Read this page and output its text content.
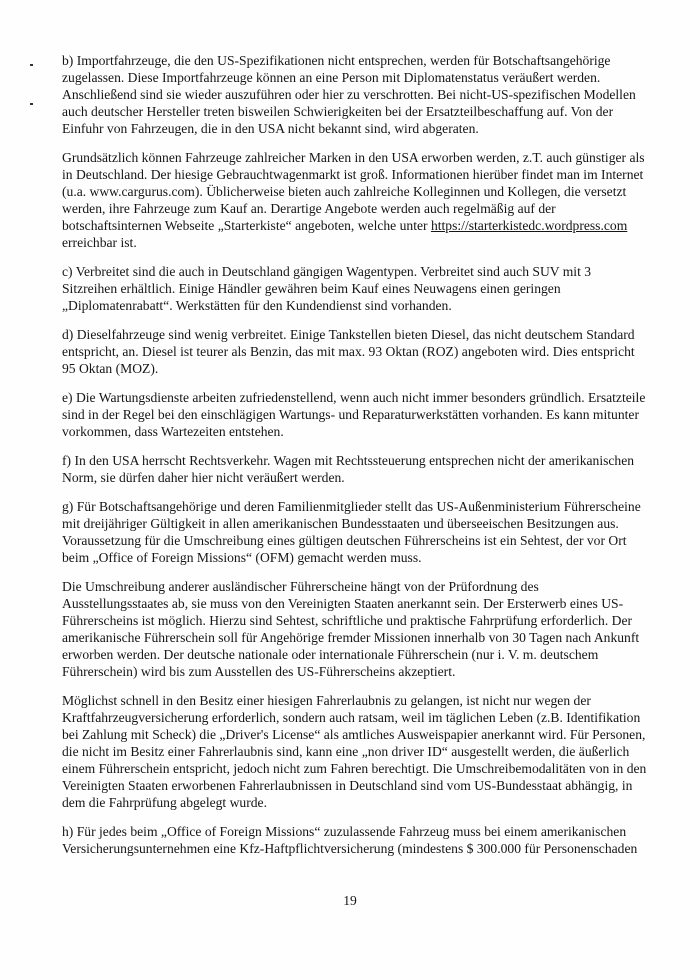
b) Importfahrzeuge, die den US-Spezifikationen nicht entsprechen, werden für Botschaftsangehörige
zugelassen. Diese Importfahrzeuge können an eine Person mit Diplomatenstatus veräußert werden.
Anschließend sind sie wieder auszuführen oder hier zu verschrotten. Bei nicht-US-spezifischen Modellen
auch deutscher Hersteller treten bisweilen Schwierigkeiten bei der Ersatzteilbeschaffung auf. Von der
Einfuhr von Fahrzeugen, die in den USA nicht bekannt sind, wird abgeraten.

Grundsätzlich können Fahrzeuge zahlreicher Marken in den USA erworben werden, z.T. auch günstiger als
in Deutschland. Der hiesige Gebrauchtwagenmarkt ist groß. Informationen hierüber findet man im Internet
(u.a. www.cargurus.com). Üblicherweise bieten auch zahlreiche Kolleginnen und Kollegen, die versetzt
werden, ihre Fahrzeuge zum Kauf an. Derartige Angebote werden auch regelmäßig auf der
botschaftsinternen Webseite „Starterkiste“ angeboten, welche unter https://starterkistedc.wordpress.com
erreichbar ist.

c) Verbreitet sind die auch in Deutschland gängigen Wagentypen. Verbreitet sind auch SUV mit 3
Sitzreihen erhältlich. Einige Händler gewähren beim Kauf eines Neuwagens einen geringen
„Diplomatenrabatt“. Werkstätten für den Kundendienst sind vorhanden.

d) Dieselfahrzeuge sind wenig verbreitet. Einige Tankstellen bieten Diesel, das nicht deutschem Standard
entspricht, an. Diesel ist teurer als Benzin, das mit max. 93 Oktan (ROZ) angeboten wird. Dies entspricht
95 Oktan (MOZ).

e) Die Wartungsdienste arbeiten zufriedenstellend, wenn auch nicht immer besonders gründlich. Ersatzteile
sind in der Regel bei den einschlägigen Wartungs- und Reparaturwerkstätten vorhanden. Es kann mitunter
vorkommen, dass Wartezeiten entstehen.

f) In den USA herrscht Rechtsverkehr. Wagen mit Rechtssteuerung entsprechen nicht der amerikanischen
Norm, sie dürfen daher hier nicht veräußert werden.

g) Für Botschaftsangehörige und deren Familienmitglieder stellt das US-Außenministerium Führerscheine
mit dreijähriger Gültigkeit in allen amerikanischen Bundesstaaten und überseeischen Besitzungen aus.
Voraussetzung für die Umschreibung eines gültigen deutschen Führerscheins ist ein Sehtest, der vor Ort
beim „Office of Foreign Missions“ (OFM) gemacht werden muss.

Die Umschreibung anderer ausländischer Führerscheine hängt von der Prüfordnung des
Ausstellungsstaates ab, sie muss von den Vereinigten Staaten anerkannt sein. Der Ersterwerb eines US-
Führerscheins ist möglich. Hierzu sind Sehtest, schriftliche und praktische Fahrprüfung erforderlich. Der
amerikanische Führerschein soll für Angehörige fremder Missionen innerhalb von 30 Tagen nach Ankunft
erworben werden. Der deutsche nationale oder internationale Führerschein (nur i. V. m. deutschem
Führerschein) wird bis zum Ausstellen des US-Führerscheins akzeptiert.

Möglichst schnell in den Besitz einer hiesigen Fahrerlaubnis zu gelangen, ist nicht nur wegen der
Kraftfahrzeugversicherung erforderlich, sondern auch ratsam, weil im täglichen Leben (z.B. Identifikation
bei Zahlung mit Scheck) die „Driver's License“ als amtliches Ausweispapier anerkannt wird. Für Personen,
die nicht im Besitz einer Fahrerlaubnis sind, kann eine „non driver ID“ ausgestellt werden, die äußerlich
einem Führerschein entspricht, jedoch nicht zum Fahren berechtigt. Die Umschreibemodalitäten von in den
Vereinigten Staaten erworbenen Fahrerlaubnissen in Deutschland sind vom US-Bundesstaat abhängig, in
dem die Fahrprüfung abgelegt wurde.

h) Für jedes beim „Office of Foreign Missions“ zuzulassende Fahrzeug muss bei einem amerikanischen
Versicherungsunternehmen eine Kfz-Haftpflichtversicherung (mindestens $ 300.000 für Personenschaden

19
